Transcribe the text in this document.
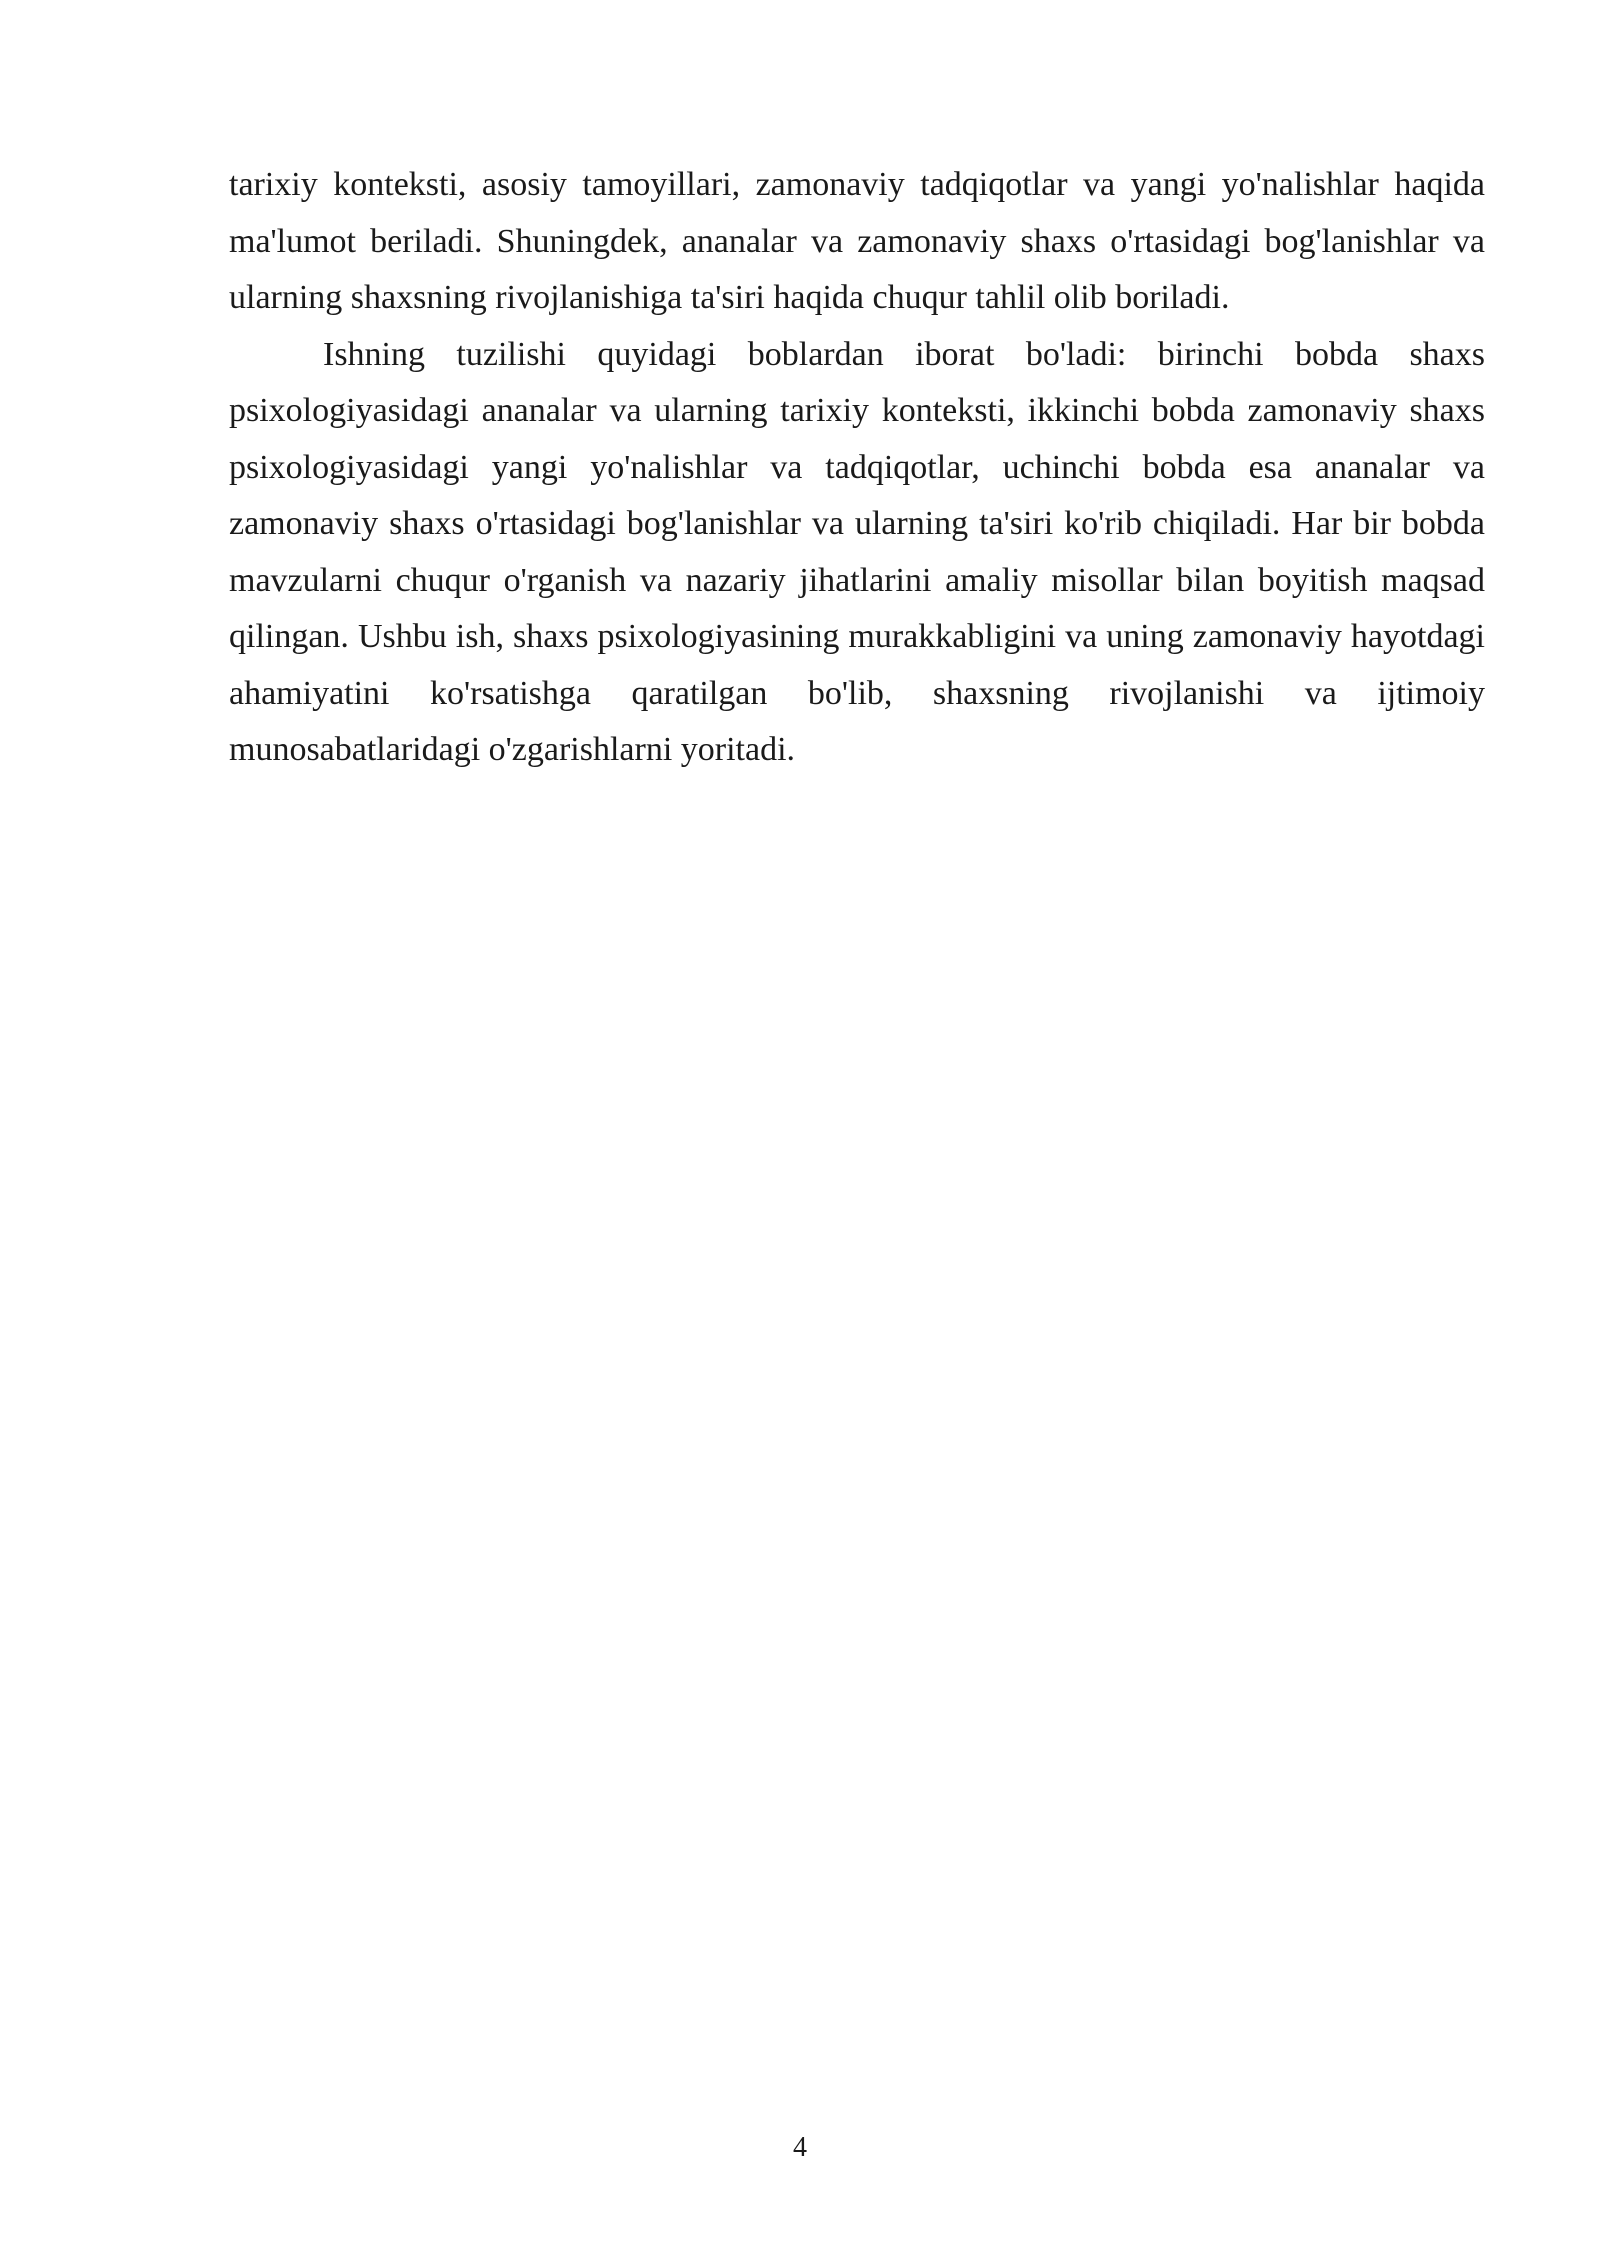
tarixiy konteksti, asosiy tamoyillari, zamonaviy tadqiqotlar va yangi yo'nalishlar haqida ma'lumot beriladi. Shuningdek, ananalar va zamonaviy shaxs o'rtasidagi bog'lanishlar va ularning shaxsning rivojlanishiga ta'siri haqida chuqur tahlil olib boriladi.

Ishning tuzilishi quyidagi boblardan iborat bo'ladi: birinchi bobda shaxs psixologiyasidagi ananalar va ularning tarixiy konteksti, ikkinchi bobda zamonaviy shaxs psixologiyasidagi yangi yo'nalishlar va tadqiqotlar, uchinchi bobda esa ananalar va zamonaviy shaxs o'rtasidagi bog'lanishlar va ularning ta'siri ko'rib chiqiladi. Har bir bobda mavzularni chuqur o'rganish va nazariy jihatlarini amaliy misollar bilan boyitish maqsad qilingan. Ushbu ish, shaxs psixologiyasining murakkabligini va uning zamonaviy hayotdagi ahamiyatini ko'rsatishga qaratilgan bo'lib, shaxsning rivojlanishi va ijtimoiy munosabatlaridagi o'zgarishlarni yoritadi.

4
